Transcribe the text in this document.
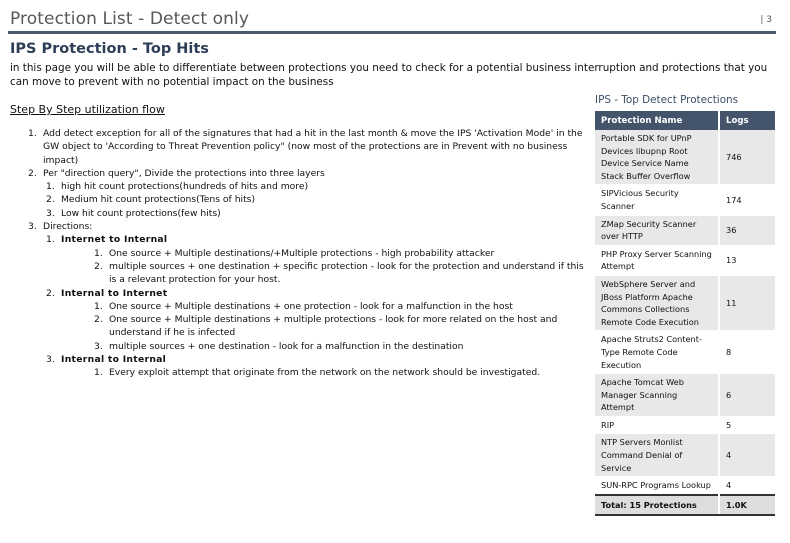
Protection List - Detect only	| 3
IPS Protection - Top Hits
in this page you will be able to differentiate between protections you need to check for a potential business interruption and protections that you can move to prevent with no potential impact on the business
Step By Step utilization flow
1. Add detect exception for all of the signatures that had a hit in the last month & move the IPS 'Activation Mode' in the GW object to 'According to Threat Prevention policy" (now most of the protections are in Prevent with no business impact)
2. Per "direction query", Divide the protections into three layers
1. high hit count protections(hundreds of hits and more)
2. Medium hit count protections(Tens of hits)
3. Low hit count protections(few hits)
3. Directions:
1. Internet to Internal
1. One source + Multiple destinations/+Multiple protections - high probability attacker
2. multiple sources + one destination + specific protection - look for the protection and understand if this is a relevant protection for your host.
2. Internal to Internet
1. One source + Multiple destinations + one protection - look for a malfunction in the host
2. One source + Multiple destinations + multiple protections - look for more related on the host and understand if he is infected
3. multiple sources + one destination - look for a malfunction in the destination
3. Internal to Internal
1. Every exploit attempt that originate from the network on the network should be investigated.
IPS - Top Detect Protections
Protection Name	Logs
Portable SDK for UPnP Devices libupnp Root Device Service Name Stack Buffer Overflow	746
SIPVicious Security Scanner	174
ZMap Security Scanner over HTTP	36
PHP Proxy Server Scanning Attempt	13
WebSphere Server and JBoss Platform Apache Commons Collections Remote Code Execution	11
Apache Struts2 Content-Type Remote Code Execution	8
Apache Tomcat Web Manager Scanning Attempt	6
RIP	5
NTP Servers Monlist Command Denial of Service	4
SUN-RPC Programs Lookup	4
Total: 15 Protections	1.0K
